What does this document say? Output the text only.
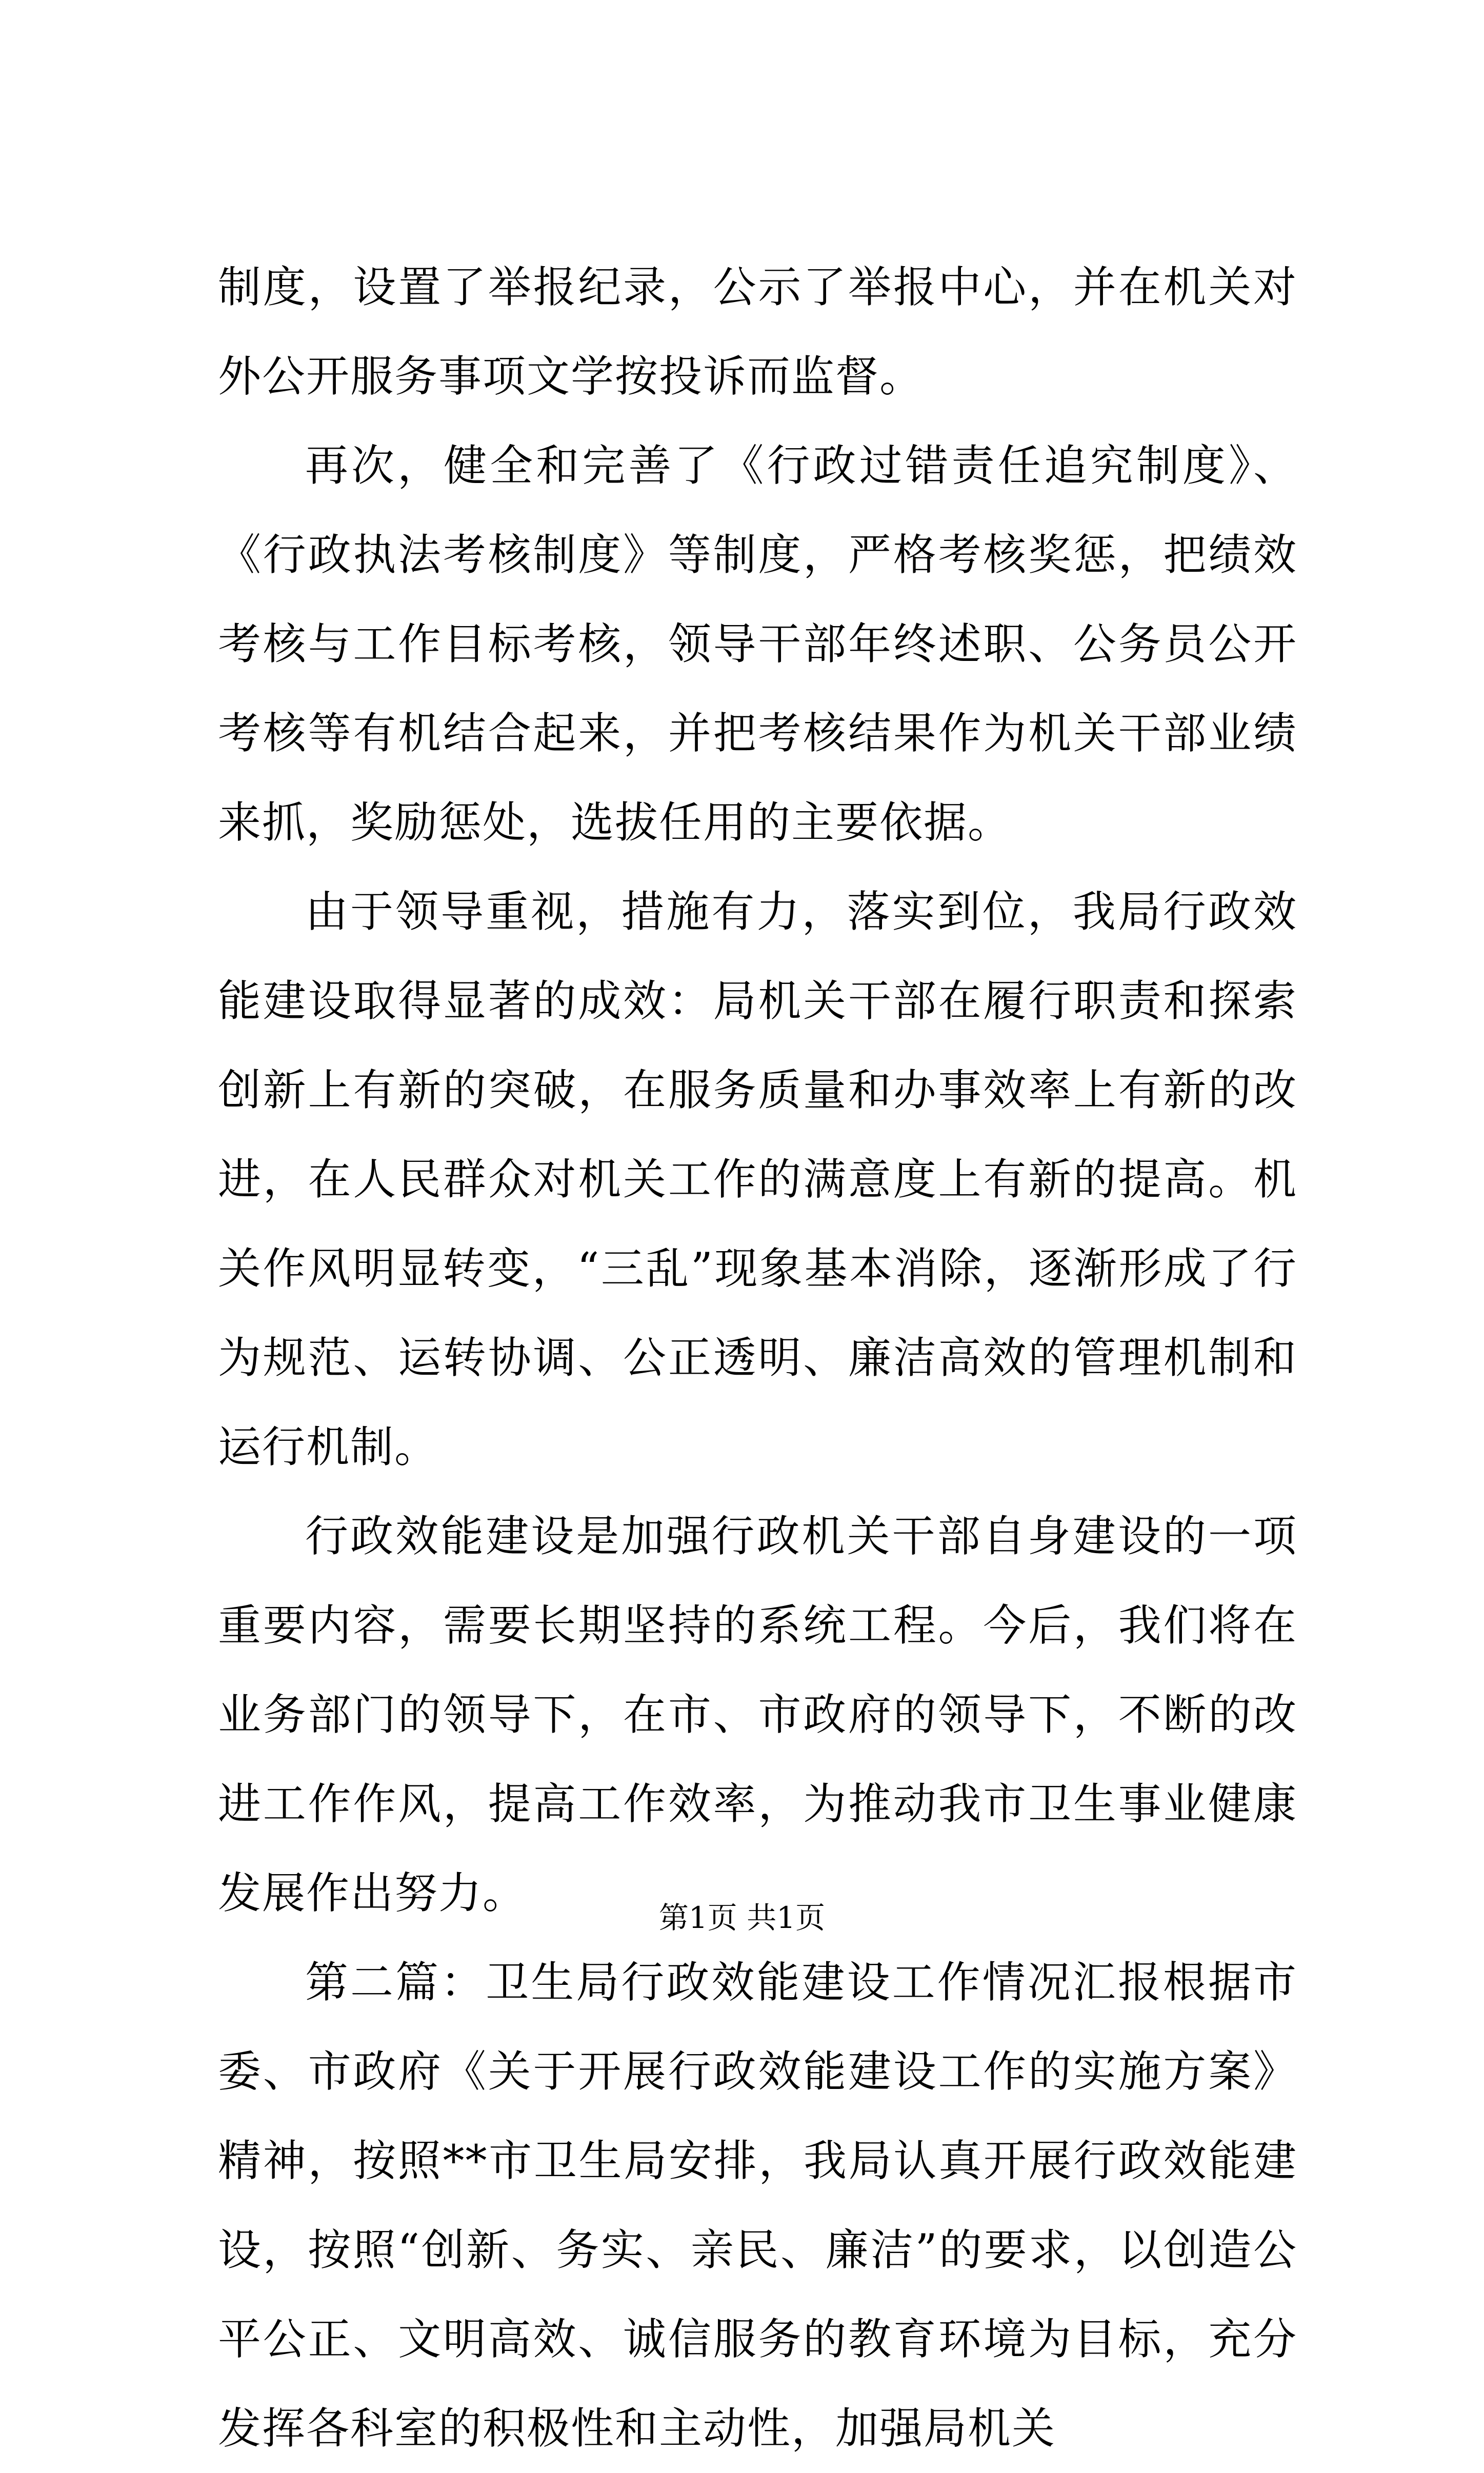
制度，设置了举报纪录，公示了举报中心，并在机关对外公开服务事项文学按投诉而监督。

再次，健全和完善了《行政过错责任追究制度》、《行政执法考核制度》等制度，严格考核奖惩，把绩效考核与工作目标考核，领导干部年终述职、公务员公开考核等有机结合起来，并把考核结果作为机关干部业绩来抓，奖励惩处，选拔任用的主要依据。

由于领导重视，措施有力，落实到位，我局行政效能建设取得显著的成效：局机关干部在履行职责和探索创新上有新的突破，在服务质量和办事效率上有新的改进，在人民群众对机关工作的满意度上有新的提高。机关作风明显转变，“三乱”现象基本消除，逐渐形成了行为规范、运转协调、公正透明、廉洁高效的管理机制和运行机制。

行政效能建设是加强行政机关干部自身建设的一项重要内容，需要长期坚持的系统工程。今后，我们将在业务部门的领导下，在市、市政府的领导下，不断的改进工作作风，提高工作效率，为推动我市卫生事业健康发展作出努力。

第二篇：卫生局行政效能建设工作情况汇报根据市委、市政府《关于开展行政效能建设工作的实施方案》精神，按照**市卫生局安排，我局认真开展行政效能建设，按照“创新、务实、亲民、廉洁”的要求，以创造公平公正、文明高效、诚信服务的教育环境为目标，充分发挥各科室的积极性和主动性，加强局机关

第1页 共1页
